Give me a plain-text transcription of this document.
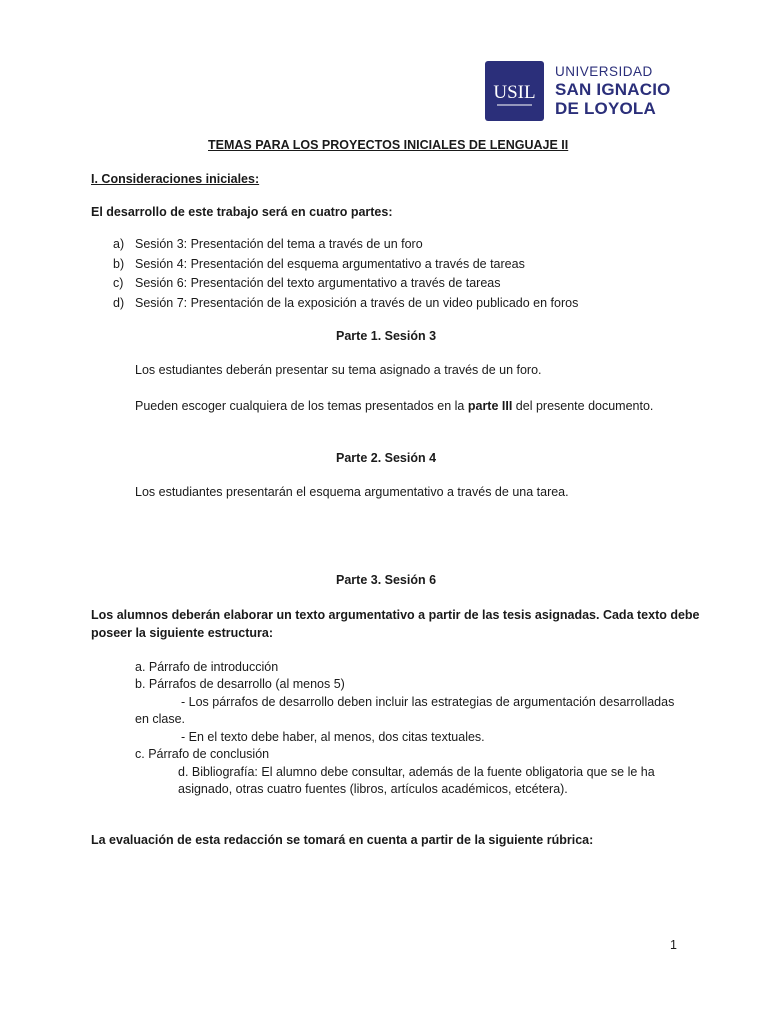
USIL
UNIVERSIDAD
SAN IGNACIO
DE LOYOLA
TEMAS PARA LOS PROYECTOS INICIALES DE LENGUAJE II
I. Consideraciones iniciales:
El desarrollo de este trabajo será en cuatro partes:
a) Sesión 3: Presentación del tema a través de un foro
b) Sesión 4: Presentación del esquema argumentativo a través de tareas
c) Sesión 6: Presentación del texto argumentativo a través de tareas
d) Sesión 7: Presentación de la exposición a través de un video publicado en foros
Parte 1. Sesión 3
Los estudiantes deberán presentar su tema asignado a través de un foro.
Pueden escoger cualquiera de los temas presentados en la parte III del presente documento.
Parte 2. Sesión 4
Los estudiantes presentarán el esquema argumentativo a través de una tarea.
Parte 3. Sesión 6
Los alumnos deberán elaborar un texto argumentativo a partir de las tesis asignadas. Cada texto debe
poseer la siguiente estructura:
a. Párrafo de introducción
b. Párrafos de desarrollo (al menos 5)
- Los párrafos de desarrollo deben incluir las estrategias de argumentación desarrolladas
en clase.
- En el texto debe haber, al menos, dos citas textuales.
c. Párrafo de conclusión
d. Bibliografía: El alumno debe consultar, además de la fuente obligatoria que se le ha
asignado, otras cuatro fuentes (libros, artículos académicos, etcétera).
La evaluación de esta redacción se tomará en cuenta a partir de la siguiente rúbrica:
1
